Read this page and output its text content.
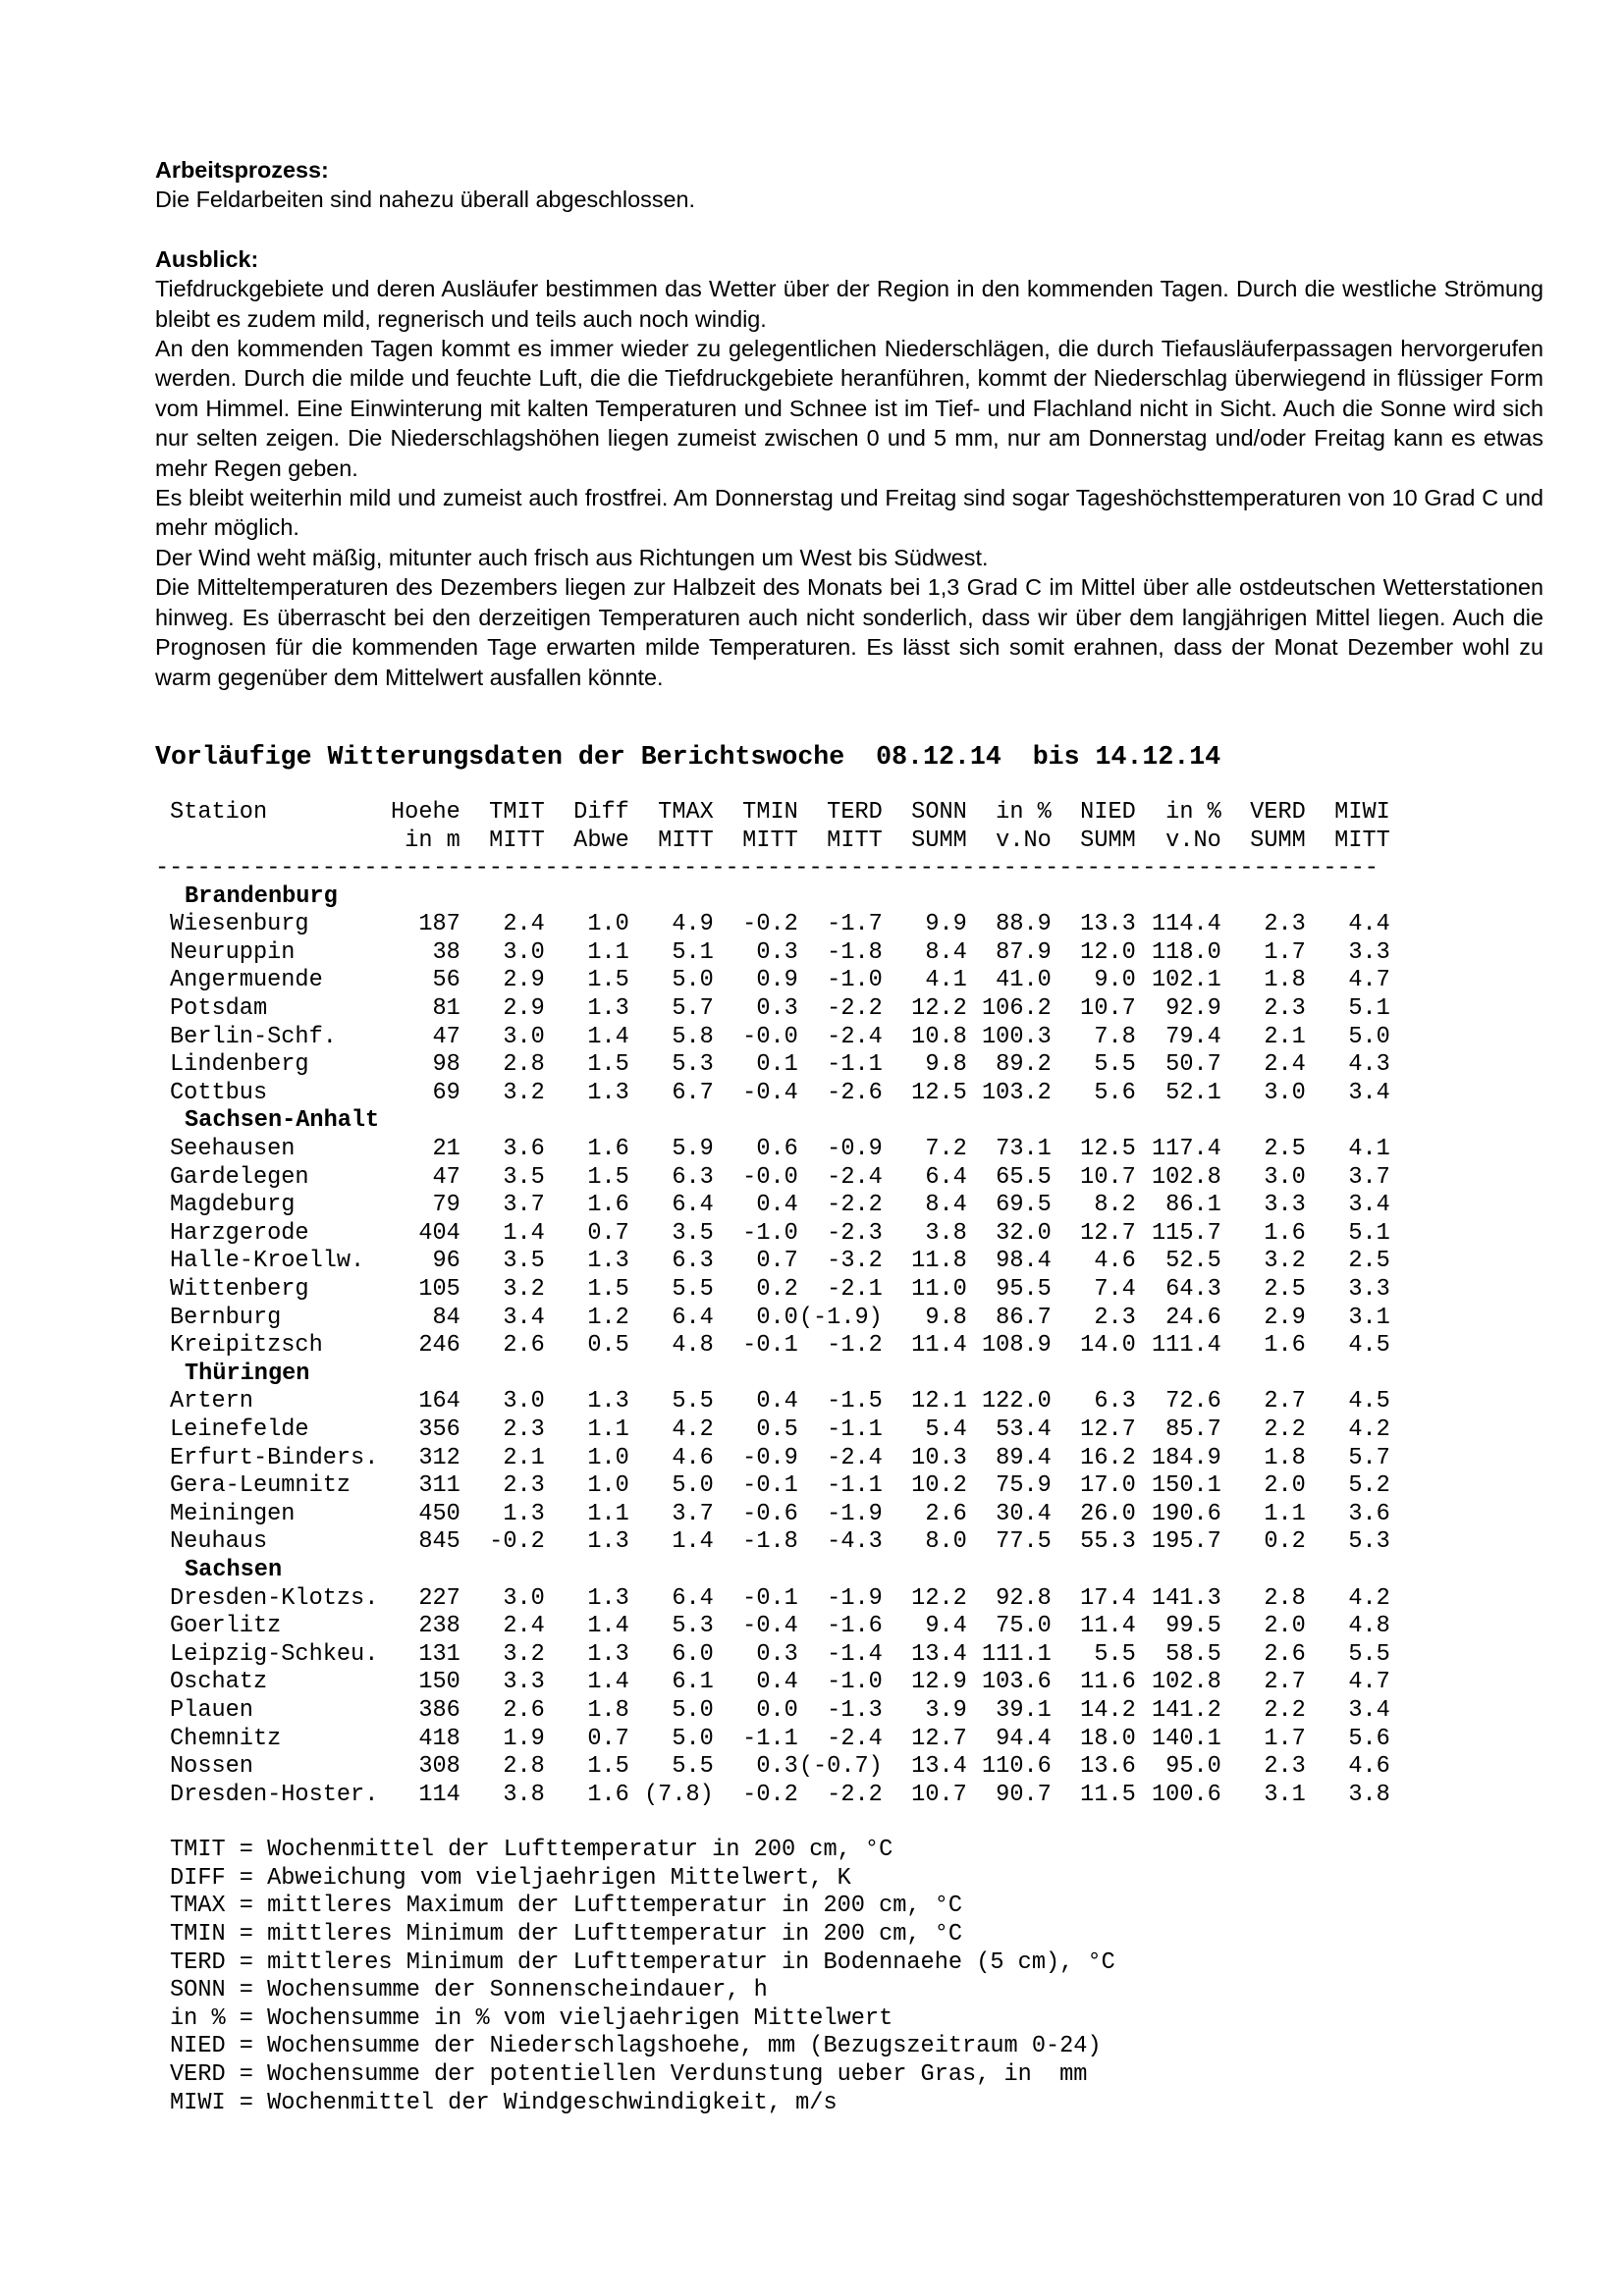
Arbeitsprozess:
Die Feldarbeiten sind nahezu überall abgeschlossen.
Ausblick:
Tiefdruckgebiete und deren Ausläufer bestimmen das Wetter über der Region in den kommenden Tagen. Durch die westliche Strömung bleibt es zudem mild, regnerisch und teils auch noch windig.
An den kommenden Tagen kommt es immer wieder zu gelegentlichen Niederschlägen, die durch Tiefausläuferpassagen hervorgerufen werden. Durch die milde und feuchte Luft, die die Tiefdruckgebiete heranführen, kommt der Niederschlag überwiegend in flüssiger Form vom Himmel. Eine Einwinterung mit kalten Temperaturen und Schnee ist im Tief- und Flachland nicht in Sicht. Auch die Sonne wird sich nur selten zeigen. Die Niederschlagshöhen liegen zumeist zwischen 0 und 5 mm, nur am Donnerstag und/oder Freitag kann es etwas mehr Regen geben.
Es bleibt weiterhin mild und zumeist auch frostfrei. Am Donnerstag und Freitag sind sogar Tageshöchsttemperaturen von 10 Grad C und mehr möglich.
Der Wind weht mäßig, mitunter auch frisch aus Richtungen um West bis Südwest.
Die Mitteltemperaturen des Dezembers liegen zur Halbzeit des Monats bei 1,3 Grad C im Mittel über alle ostdeutschen Wetterstationen hinweg. Es überrascht bei den derzeitigen Temperaturen auch nicht sonderlich, dass wir über dem langjährigen Mittel liegen. Auch die Prognosen für die kommenden Tage erwarten milde Temperaturen. Es lässt sich somit erahnen, dass der Monat Dezember wohl zu warm gegenüber dem Mittelwert ausfallen könnte.
Vorläufige Witterungsdaten der Berichtswoche  08.12.14  bis 14.12.14
Station	Hoehe	TMIT	Diff	TMAX	TMIN	TERD	SONN	in %	NIED	in %	VERD	MIWI
	in m	MITT	Abwe	MITT	MITT	MITT	SUMM	v.No	SUMM	v.No	SUMM	MITT
----------------------------------------------------------------------------------------												
Brandenburg												
Wiesenburg	187	2.4	1.0	4.9	-0.2	-1.7	9.9	88.9	13.3	114.4	2.3	4.4
Neuruppin	38	3.0	1.1	5.1	0.3	-1.8	8.4	87.9	12.0	118.0	1.7	3.3
Angermuende	56	2.9	1.5	5.0	0.9	-1.0	4.1	41.0	9.0	102.1	1.8	4.7
Potsdam	81	2.9	1.3	5.7	0.3	-2.2	12.2	106.2	10.7	92.9	2.3	5.1
Berlin-Schf.	47	3.0	1.4	5.8	-0.0	-2.4	10.8	100.3	7.8	79.4	2.1	5.0
Lindenberg	98	2.8	1.5	5.3	0.1	-1.1	9.8	89.2	5.5	50.7	2.4	4.3
Cottbus	69	3.2	1.3	6.7	-0.4	-2.6	12.5	103.2	5.6	52.1	3.0	3.4
Sachsen-Anhalt												
Seehausen	21	3.6	1.6	5.9	0.6	-0.9	7.2	73.1	12.5	117.4	2.5	4.1
Gardelegen	47	3.5	1.5	6.3	-0.0	-2.4	6.4	65.5	10.7	102.8	3.0	3.7
Magdeburg	79	3.7	1.6	6.4	0.4	-2.2	8.4	69.5	8.2	86.1	3.3	3.4
Harzgerode	404	1.4	0.7	3.5	-1.0	-2.3	3.8	32.0	12.7	115.7	1.6	5.1
Halle-Kroellw.	96	3.5	1.3	6.3	0.7	-3.2	11.8	98.4	4.6	52.5	3.2	2.5
Wittenberg	105	3.2	1.5	5.5	0.2	-2.1	11.0	95.5	7.4	64.3	2.5	3.3
Bernburg	84	3.4	1.2	6.4	0.0	(-1.9)	9.8	86.7	2.3	24.6	2.9	3.1
Kreipitzsch	246	2.6	0.5	4.8	-0.1	-1.2	11.4	108.9	14.0	111.4	1.6	4.5
Thüringen												
Artern	164	3.0	1.3	5.5	0.4	-1.5	12.1	122.0	6.3	72.6	2.7	4.5
Leinefelde	356	2.3	1.1	4.2	0.5	-1.1	5.4	53.4	12.7	85.7	2.2	4.2
Erfurt-Binders.	312	2.1	1.0	4.6	-0.9	-2.4	10.3	89.4	16.2	184.9	1.8	5.7
Gera-Leumnitz	311	2.3	1.0	5.0	-0.1	-1.1	10.2	75.9	17.0	150.1	2.0	5.2
Meiningen	450	1.3	1.1	3.7	-0.6	-1.9	2.6	30.4	26.0	190.6	1.1	3.6
Neuhaus	845	-0.2	1.3	1.4	-1.8	-4.3	8.0	77.5	55.3	195.7	0.2	5.3
Sachsen												
Dresden-Klotzs.	227	3.0	1.3	6.4	-0.1	-1.9	12.2	92.8	17.4	141.3	2.8	4.2
Goerlitz	238	2.4	1.4	5.3	-0.4	-1.6	9.4	75.0	11.4	99.5	2.0	4.8
Leipzig-Schkeu.	131	3.2	1.3	6.0	0.3	-1.4	13.4	111.1	5.5	58.5	2.6	5.5
Oschatz	150	3.3	1.4	6.1	0.4	-1.0	12.9	103.6	11.6	102.8	2.7	4.7
Plauen	386	2.6	1.8	5.0	0.0	-1.3	3.9	39.1	14.2	141.2	2.2	3.4
Chemnitz	418	1.9	0.7	5.0	-1.1	-2.4	12.7	94.4	18.0	140.1	1.7	5.6
Nossen	308	2.8	1.5	5.5	0.3	(-0.7)	13.4	110.6	13.6	95.0	2.3	4.6
Dresden-Hoster.	114	3.8	1.6	(7.8)	-0.2	-2.2	10.7	90.7	11.5	100.6	3.1	3.8
TMIT = Wochenmittel der Lufttemperatur in 200 cm, °C
DIFF = Abweichung vom vieljaehrigen Mittelwert, K
TMAX = mittleres Maximum der Lufttemperatur in 200 cm, °C
TMIN = mittleres Minimum der Lufttemperatur in 200 cm, °C
TERD = mittleres Minimum der Lufttemperatur in Bodennaehe (5 cm), °C
SONN = Wochensumme der Sonnenscheindauer, h
in % = Wochensumme in % vom vieljaehrigen Mittelwert
NIED = Wochensumme der Niederschlagshoehe, mm (Bezugszeitraum 0-24)
VERD = Wochensumme der potentiellen Verdunstung ueber Gras, in  mm
MIWI = Wochenmittel der Windgeschwindigkeit, m/s
